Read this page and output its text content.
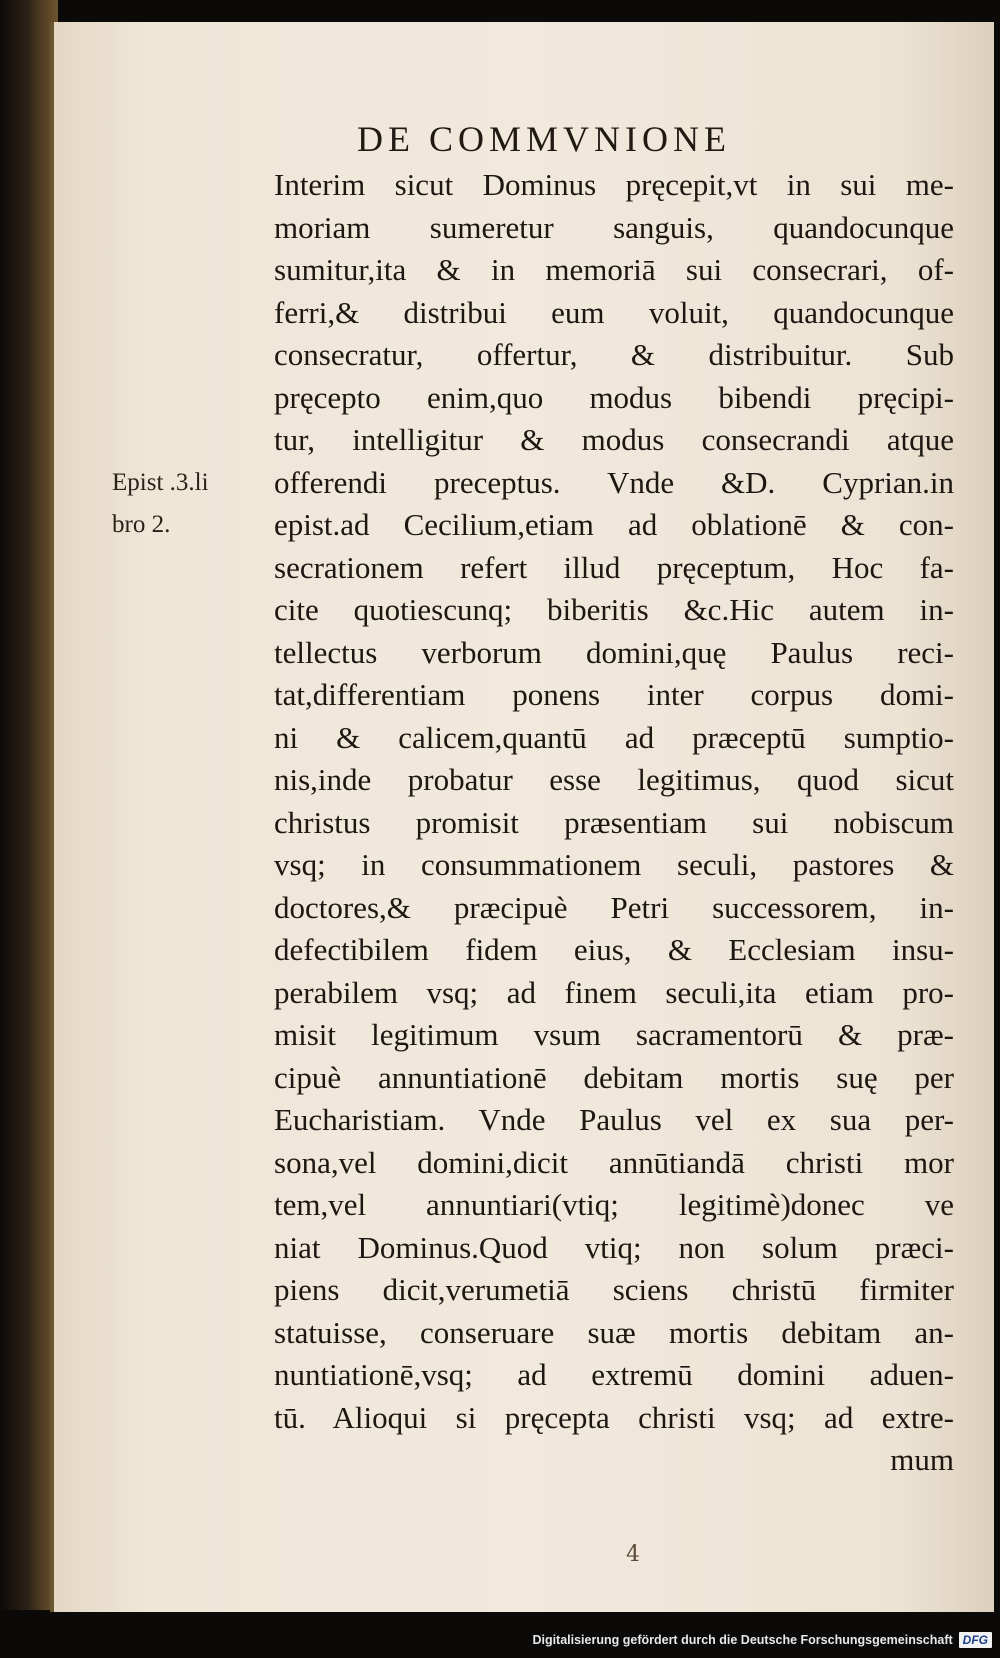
DE COMMVNIONE
Epist .3.li
bro 2.
Interim sicut Dominus pręcepit,vt in sui me-
moriam sumeretur sanguis, quandocunque
sumitur,ita & in memoriā sui consecrari, of-
ferri,& distribui eum voluit, quandocunque
consecratur, offertur, & distribuitur. Sub
pręcepto enim,quo modus bibendi pręcipi-
tur, intelligitur & modus consecrandi atque
offerendi preceptus. Vnde &D. Cyprian.in
epist.ad Cecilium,etiam ad oblationē & con-
secrationem refert illud pręceptum, Hoc fa-
cite quotiescunq; biberitis &c.Hic autem in-
tellectus verborum domini,quę Paulus reci-
tat,differentiam ponens inter corpus domi-
ni & calicem,quantū ad præceptū sumptio-
nis,inde probatur esse legitimus, quod sicut
christus promisit præsentiam sui nobiscum
vsq; in consummationem seculi, pastores &
doctores,& præcipuè Petri successorem, in-
defectibilem fidem eius, & Ecclesiam insu-
perabilem vsq; ad finem seculi,ita etiam pro-
misit legitimum vsum sacramentorū & præ-
cipuè annuntiationē debitam mortis suę per
Eucharistiam. Vnde Paulus vel ex sua per-
sona,vel domini,dicit annūtiandā christi mor
tem,vel annuntiari(vtiq; legitimè)donec ve
niat Dominus.Quod vtiq; non solum præci-
piens dicit,verumetiā sciens christū firmiter
statuisse, conseruare suæ mortis debitam an-
nuntiationē,vsq; ad extremū domini aduen-
tū. Alioqui si pręcepta christi vsq; ad extre-
mum
4
Digitalisierung gefördert durch die Deutsche Forschungsgemeinschaft DFG
